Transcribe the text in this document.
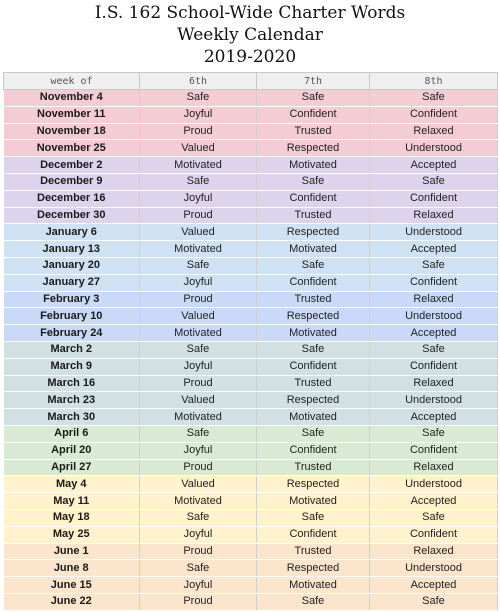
I.S. 162 School-Wide Charter Words
Weekly Calendar
2019-2020
week of	6th	7th	8th
November 4	Safe	Safe	Safe
November 11	Joyful	Confident	Confident
November 18	Proud	Trusted	Relaxed
November 25	Valued	Respected	Understood
December 2	Motivated	Motivated	Accepted
December 9	Safe	Safe	Safe
December 16	Joyful	Confident	Confident
December 30	Proud	Trusted	Relaxed
January 6	Valued	Respected	Understood
January 13	Motivated	Motivated	Accepted
January 20	Safe	Safe	Safe
January 27	Joyful	Confident	Confident
February 3	Proud	Trusted	Relaxed
February 10	Valued	Respected	Understood
February 24	Motivated	Motivated	Accepted
March 2	Safe	Safe	Safe
March 9	Joyful	Confident	Confident
March 16	Proud	Trusted	Relaxed
March 23	Valued	Respected	Understood
March 30	Motivated	Motivated	Accepted
April 6	Safe	Safe	Safe
April 20	Joyful	Confident	Confident
April 27	Proud	Trusted	Relaxed
May 4	Valued	Respected	Understood
May 11	Motivated	Motivated	Accepted
May 18	Safe	Safe	Safe
May 25	Joyful	Confident	Confident
June 1	Proud	Trusted	Relaxed
June 8	Safe	Respected	Understood
June 15	Joyful	Motivated	Accepted
June 22	Proud	Safe	Safe
